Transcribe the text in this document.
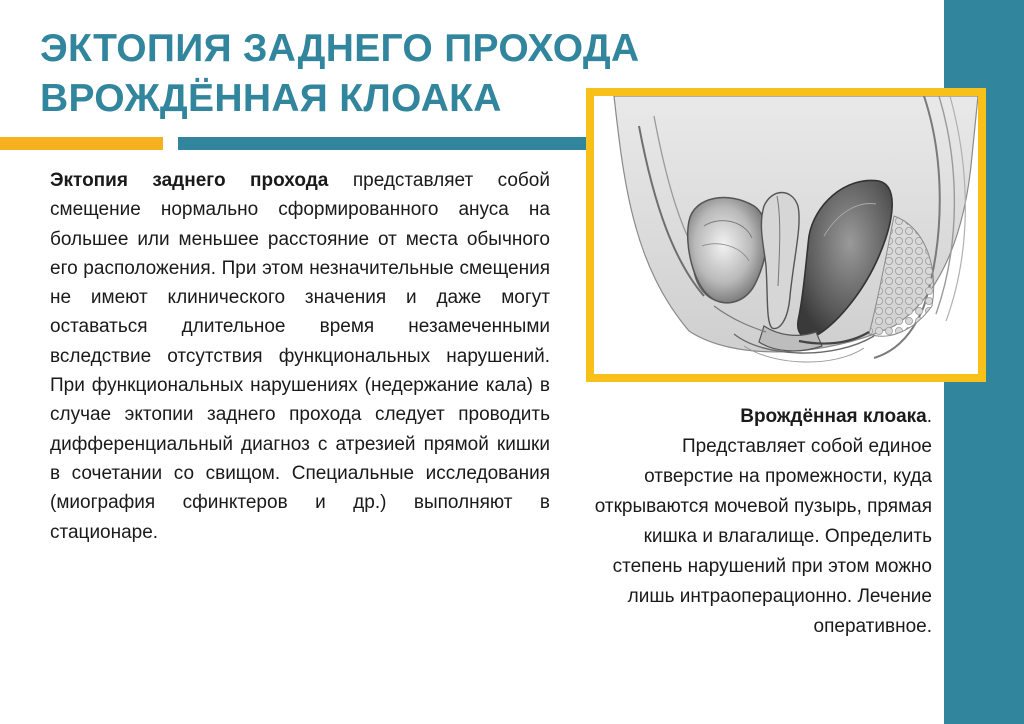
ЭКТОПИЯ ЗАДНЕГО ПРОХОДА
ВРОЖДЁННАЯ КЛОАКА

Эктопия заднего прохода представляет собой смещение нормально сформированного ануса на большее или меньшее расстояние от места обычного его расположения. При этом незначительные смещения не имеют клинического значения и даже могут оставаться длительное время незамеченными вследствие отсутствия функциональных нарушений. При функциональных нарушениях (недержание кала) в случае эктопии заднего прохода следует проводить дифференциальный диагноз с атрезией прямой кишки в сочетании со свищом. Специальные исследования (миография сфинктеров и др.) выполняют в стационаре.

Врождённая клоака.
Представляет собой единое отверстие на промежности, куда открываются мочевой пузырь, прямая кишка и влагалище. Определить степень нарушений при этом можно лишь интраоперационно. Лечение оперативное.
